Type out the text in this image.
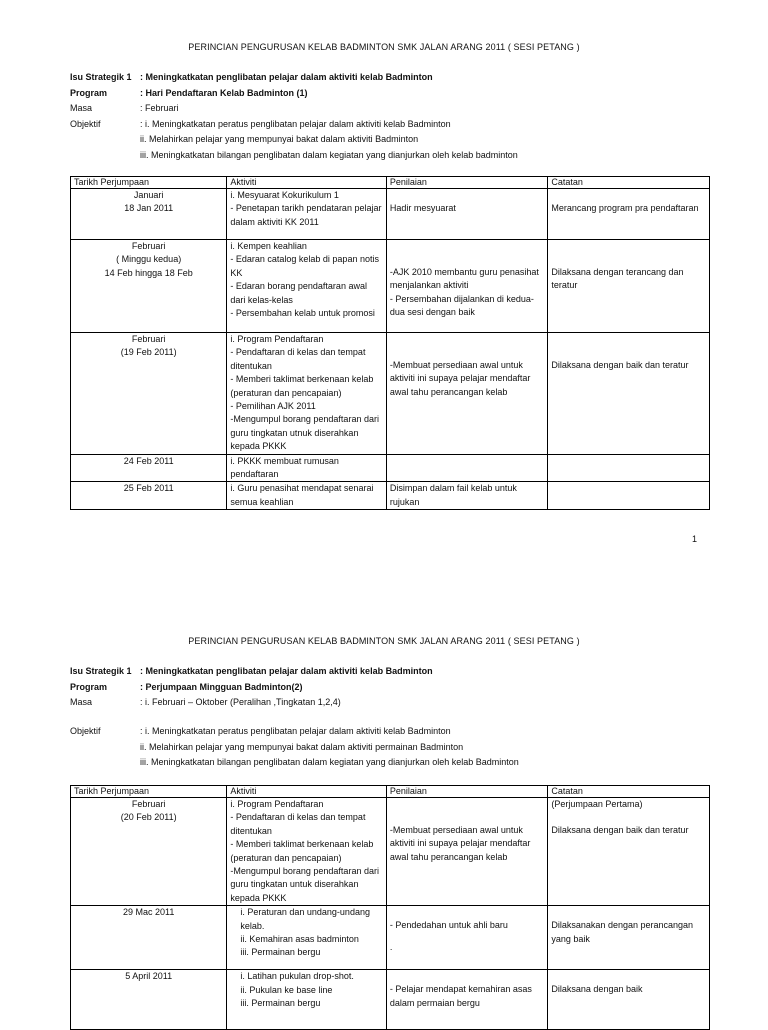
PERINCIAN PENGURUSAN KELAB BADMINTON SMK JALAN ARANG 2011 ( SESI PETANG )
Isu Strategik 1 : Meningkatkatan penglibatan pelajar dalam aktiviti kelab Badminton
Program	: Hari Pendaftaran Kelab Badminton (1)
Masa	: Februari
Objektif	: i. Meningkatkatan peratus penglibatan pelajar dalam aktiviti kelab Badminton
ii. Melahirkan pelajar yang mempunyai bakat dalam aktiviti Badminton
iii. Meningkatkatan bilangan penglibatan dalam kegiatan yang dianjurkan oleh kelab badminton
Tarikh Perjumpaan	Aktiviti	Penilaian	Catatan

Januari
18 Jan 2011	i. Mesyuarat Kokurikulum 1
- Penetapan tarikh pendataran pelajar dalam aktiviti KK 2011	Hadir mesyuarat	Merancang program pra pendaftaran

Februari
( Minggu kedua)
14 Feb hingga 18 Feb	i. Kempen keahlian
- Edaran catalog kelab di papan notis KK
- Edaran borang pendaftaran awal dari kelas-kelas
- Persembahan kelab untuk promosi	-AJK 2010 membantu guru penasihat menjalankan aktiviti
- Persembahan dijalankan di kedua-dua sesi dengan baik	Dilaksana dengan terancang dan teratur

Februari
(19 Feb 2011)	i. Program Pendaftaran
- Pendaftaran di kelas dan tempat ditentukan
- Memberi taklimat berkenaan kelab (peraturan dan pencapaian)
- Pemilihan AJK 2011
-Mengumpul borang pendaftaran dari guru tingkatan utnuk diserahkan kepada PKKK	-Membuat persediaan awal untuk aktiviti ini supaya pelajar mendaftar awal tahu perancangan kelab	Dilaksana dengan baik dan teratur

24 Feb 2011	i. PKKK membuat rumusan pendaftaran		

25 Feb 2011	i. Guru penasihat mendapat senarai semua keahlian	Disimpan dalam fail kelab untuk rujukan	

1
PERINCIAN PENGURUSAN KELAB BADMINTON SMK JALAN ARANG 2011 ( SESI PETANG )
Isu Strategik 1 : Meningkatkatan penglibatan pelajar dalam aktiviti kelab Badminton
Program	: Perjumpaan Mingguan Badminton(2)
Masa	: i. Februari – Oktober (Peralihan ,Tingkatan 1,2,4)
Objektif	: i. Meningkatkatan peratus penglibatan pelajar dalam aktiviti kelab Badminton
ii. Melahirkan pelajar yang mempunyai bakat dalam aktiviti permainan Badminton
iii. Meningkatkatan bilangan penglibatan dalam kegiatan yang dianjurkan oleh kelab Badminton
Tarikh Perjumpaan	Aktiviti	Penilaian	Catatan

Februari
(20 Feb 2011)	i. Program Pendaftaran
- Pendaftaran di kelas dan tempat ditentukan
- Memberi taklimat berkenaan kelab (peraturan dan pencapaian)
-Mengumpul borang pendaftaran dari guru tingkatan untuk diserahkan kepada PKKK	-Membuat persediaan awal untuk aktiviti ini supaya pelajar mendaftar awal tahu perancangan kelab	(Perjumpaan Pertama)
Dilaksana dengan baik dan teratur

29 Mac 2011	i. Peraturan dan undang-undang kelab.
ii. Kemahiran asas badminton
iii. Permainan bergu	- Pendedahan untuk ahli baru
.	Dilaksanakan dengan perancangan yang baik

5 April 2011	i. Latihan pukulan drop-shot.
ii. Pukulan ke base line
iii. Permainan bergu	- Pelajar mendapat kemahiran asas dalam permaian bergu	Dilaksana dengan baik
